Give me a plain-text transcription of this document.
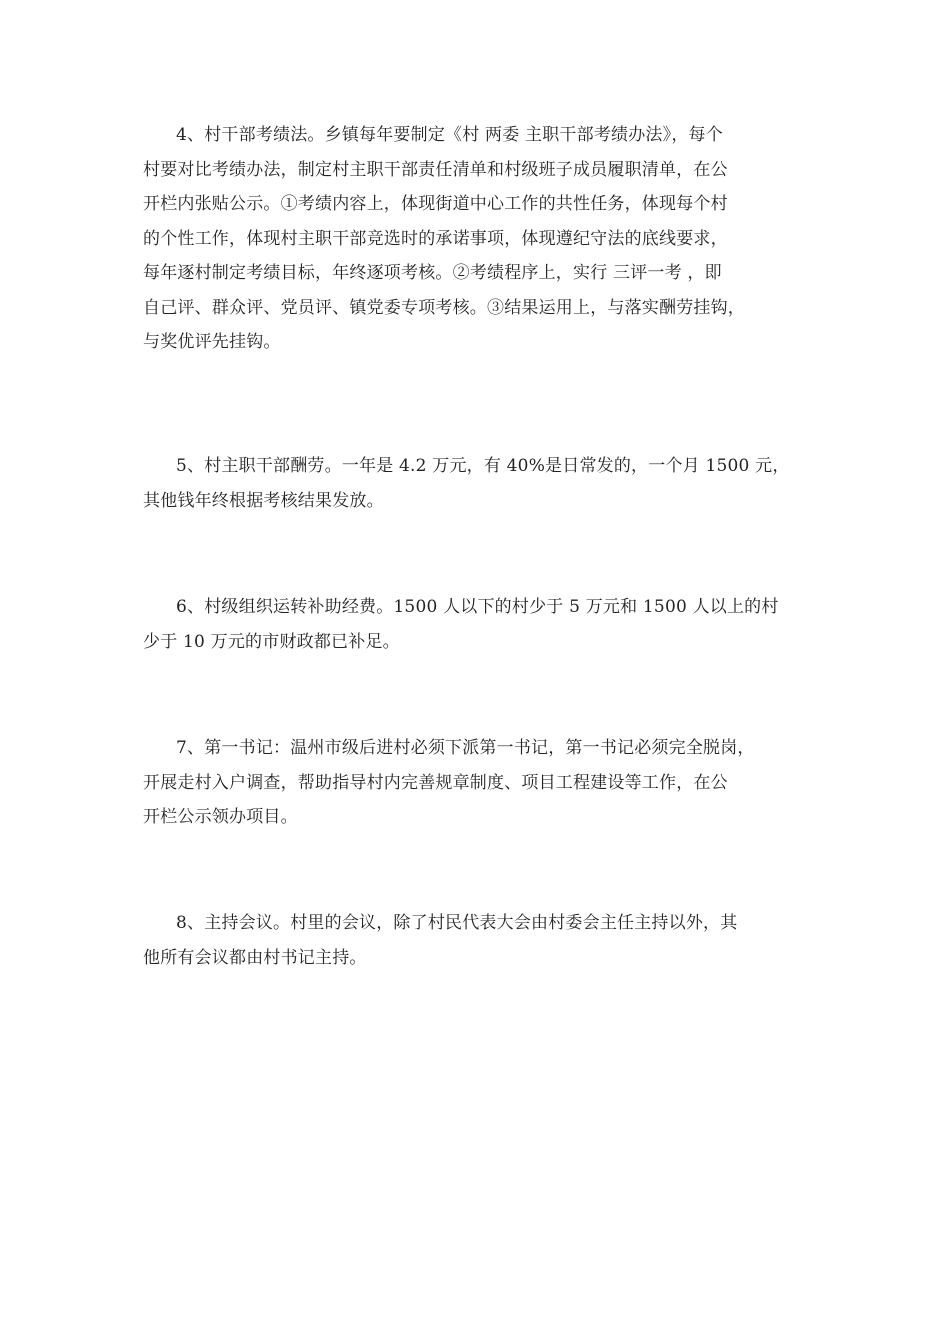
4、村干部考绩法。乡镇每年要制定《村 两委 主职干部考绩办法》，每个
村要对比考绩办法，制定村主职干部责任清单和村级班子成员履职清单，在公
开栏内张贴公示。①考绩内容上，体现街道中心工作的共性任务，体现每个村
的个性工作，体现村主职干部竞选时的承诺事项，体现遵纪守法的底线要求，
每年逐村制定考绩目标，年终逐项考核。②考绩程序上，实行 三评一考 ，即
自己评、群众评、党员评、镇党委专项考核。③结果运用上，与落实酬劳挂钩，
与奖优评先挂钩。

5、村主职干部酬劳。一年是 4.2 万元，有 40%是日常发的，一个月 1500 元，
其他钱年终根据考核结果发放。

6、村级组织运转补助经费。1500 人以下的村少于 5 万元和 1500 人以上的村
少于 10 万元的市财政都已补足。

7、第一书记：温州市级后进村必须下派第一书记，第一书记必须完全脱岗，
开展走村入户调查，帮助指导村内完善规章制度、项目工程建设等工作，在公
开栏公示领办项目。

8、主持会议。村里的会议，除了村民代表大会由村委会主任主持以外，其
他所有会议都由村书记主持。
